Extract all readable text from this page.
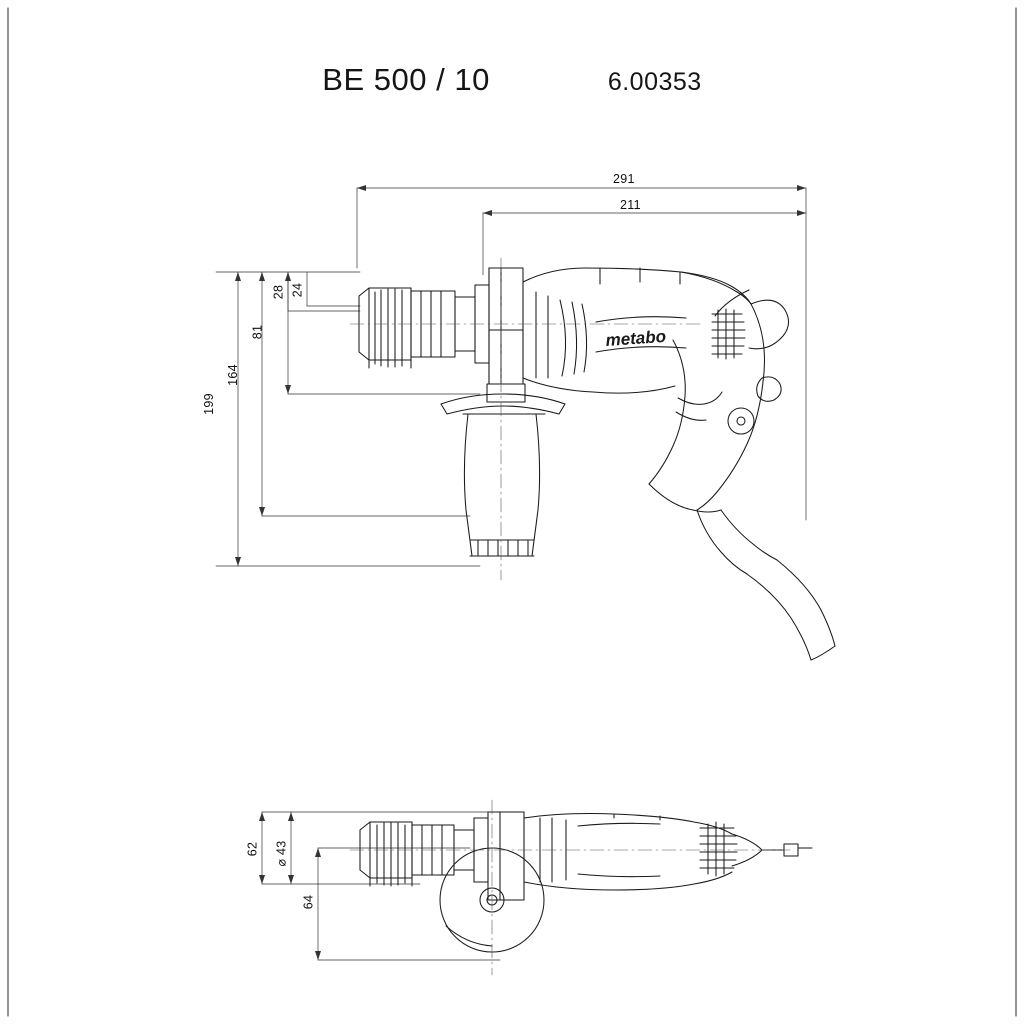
BE 500 / 10	6.00353
metabo
291
211
28 24
81
164
199
62 ⌀ 43
64
